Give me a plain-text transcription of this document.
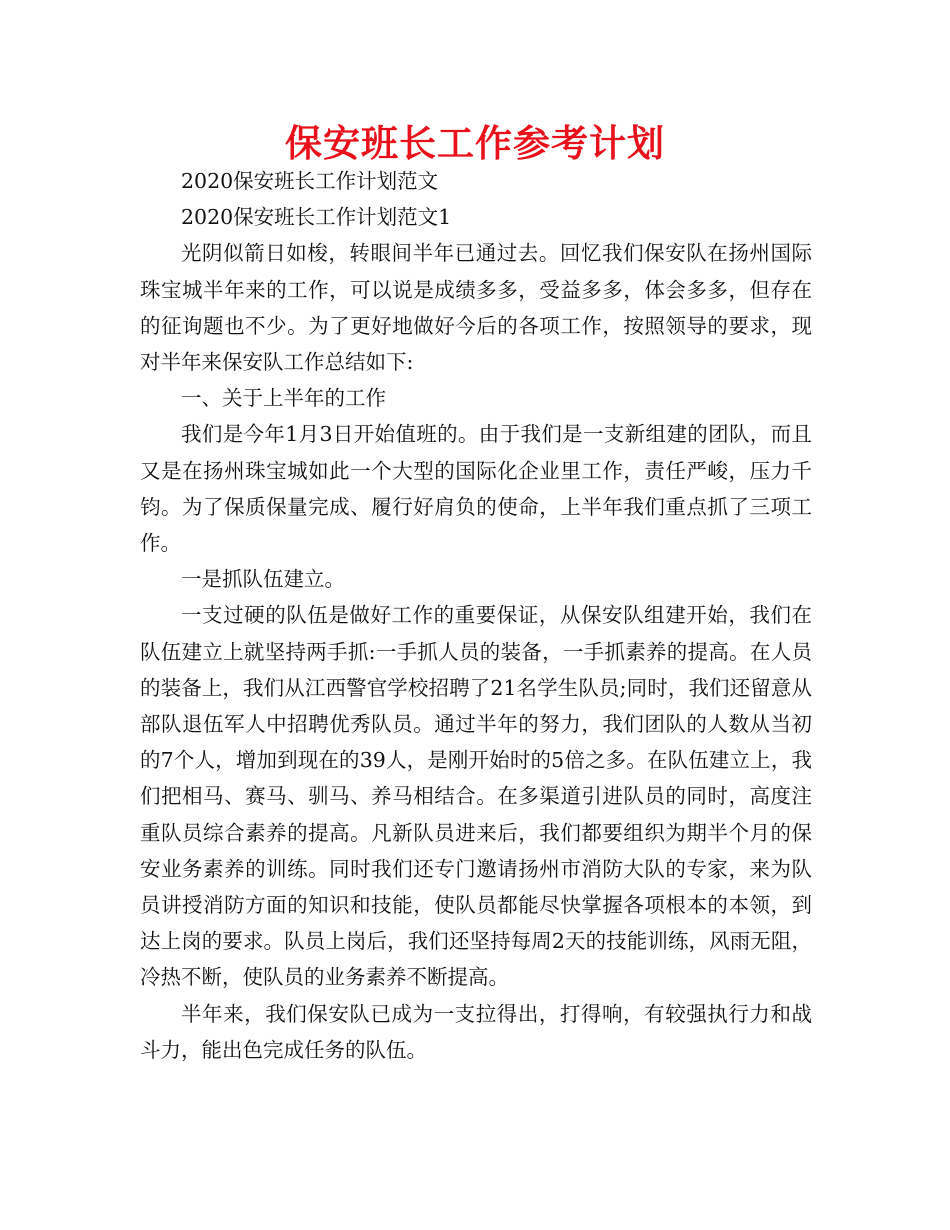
保安班长工作参考计划

2020保安班长工作计划范文

2020保安班长工作计划范文1

光阴似箭日如梭，转眼间半年已通过去。回忆我们保安队在扬州国际珠宝城半年来的工作，可以说是成绩多多，受益多多，体会多多，但存在的征询题也不少。为了更好地做好今后的各项工作，按照领导的要求，现对半年来保安队工作总结如下:

一、关于上半年的工作

我们是今年1月3日开始值班的。由于我们是一支新组建的团队，而且又是在扬州珠宝城如此一个大型的国际化企业里工作，责任严峻，压力千钧。为了保质保量完成、履行好肩负的使命，上半年我们重点抓了三项工作。

一是抓队伍建立。

一支过硬的队伍是做好工作的重要保证，从保安队组建开始，我们在队伍建立上就坚持两手抓:一手抓人员的装备，一手抓素养的提高。在人员的装备上，我们从江西警官学校招聘了21名学生队员;同时，我们还留意从部队退伍军人中招聘优秀队员。通过半年的努力，我们团队的人数从当初的7个人，增加到现在的39人，是刚开始时的5倍之多。在队伍建立上，我们把相马、赛马、驯马、养马相结合。在多渠道引进队员的同时，高度注重队员综合素养的提高。凡新队员进来后，我们都要组织为期半个月的保安业务素养的训练。同时我们还专门邀请扬州市消防大队的专家，来为队员讲授消防方面的知识和技能，使队员都能尽快掌握各项根本的本领，到达上岗的要求。队员上岗后，我们还坚持每周2天的技能训练，风雨无阻，冷热不断，使队员的业务素养不断提高。

半年来，我们保安队已成为一支拉得出，打得响，有较强执行力和战斗力，能出色完成任务的队伍。
